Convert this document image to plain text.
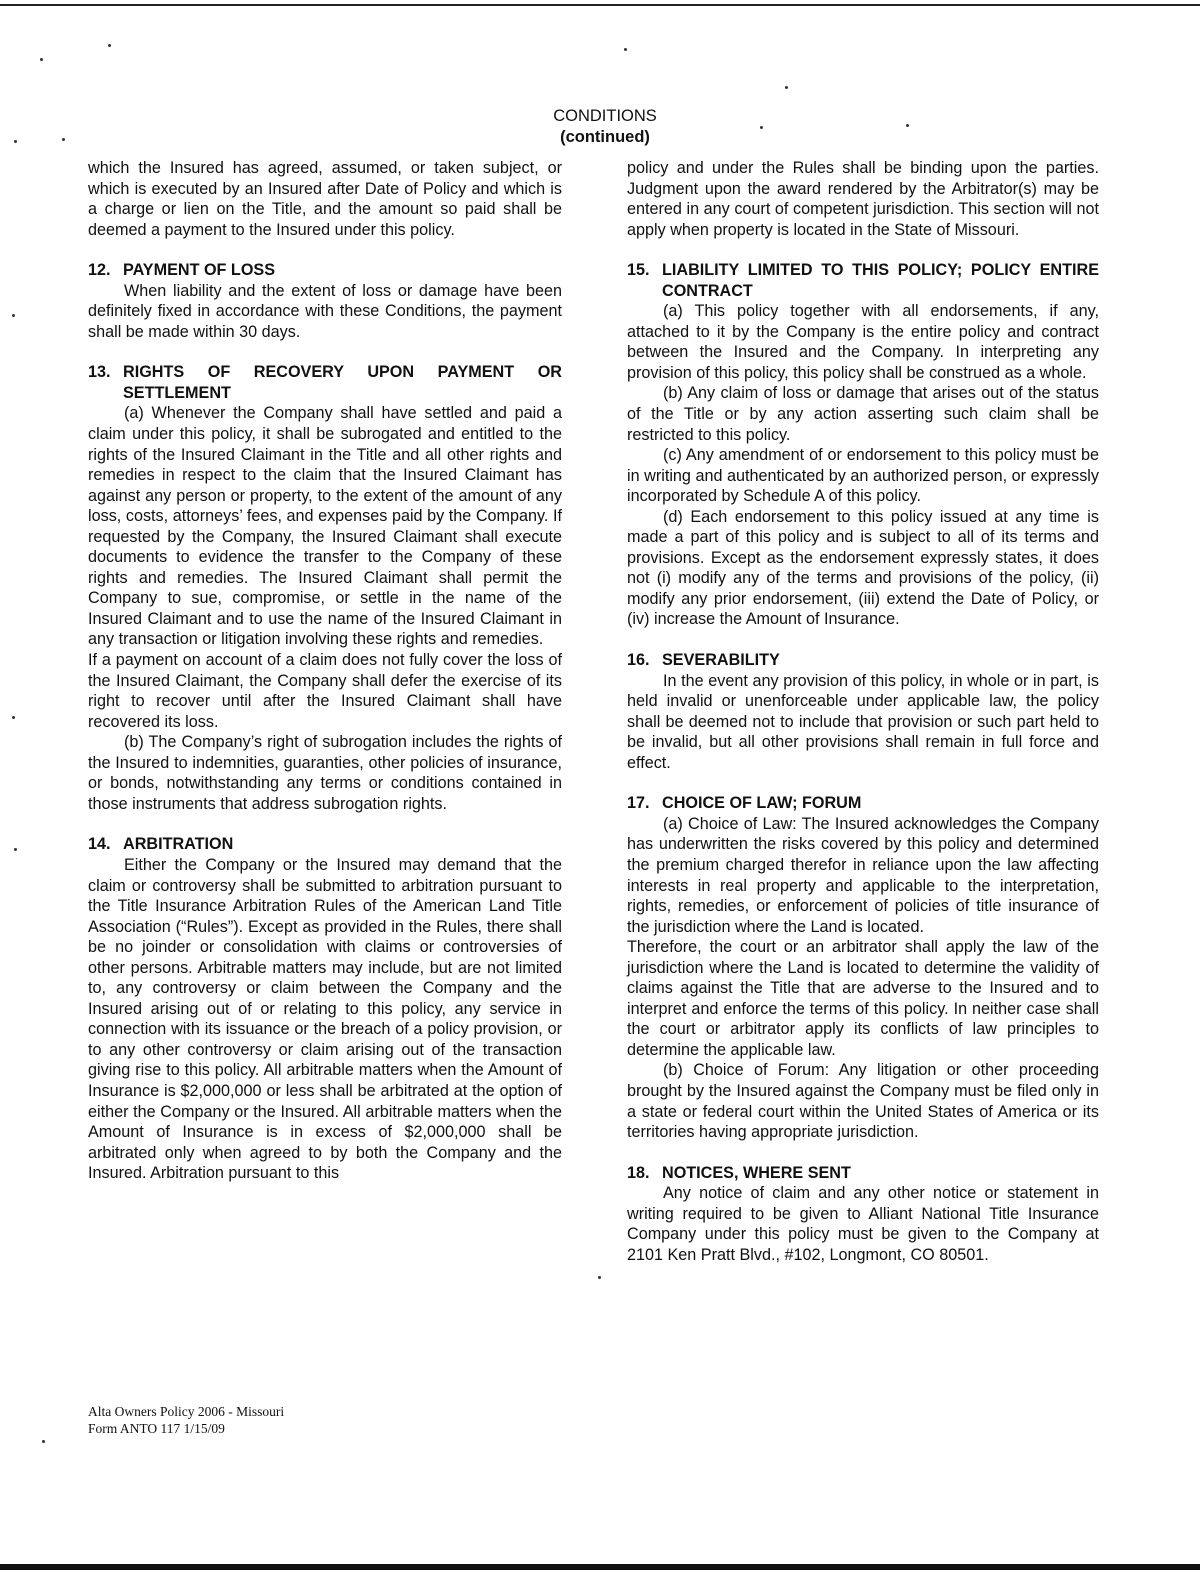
CONDITIONS
(continued)

which the Insured has agreed, assumed, or taken subject, or which is executed by an Insured after Date of Policy and which is a charge or lien on the Title, and the amount so paid shall be deemed a payment to the Insured under this policy.

12. PAYMENT OF LOSS

When liability and the extent of loss or damage have been definitely fixed in accordance with these Conditions, the payment shall be made within 30 days.

13. RIGHTS OF RECOVERY UPON PAYMENT OR SETTLEMENT

(a) Whenever the Company shall have settled and paid a claim under this policy, it shall be subrogated and entitled to the rights of the Insured Claimant in the Title and all other rights and remedies in respect to the claim that the Insured Claimant has against any person or property, to the extent of the amount of any loss, costs, attorneys’ fees, and expenses paid by the Company. If requested by the Company, the Insured Claimant shall execute documents to evidence the transfer to the Company of these rights and remedies. The Insured Claimant shall permit the Company to sue, compromise, or settle in the name of the Insured Claimant and to use the name of the Insured Claimant in any transaction or litigation involving these rights and remedies.

If a payment on account of a claim does not fully cover the loss of the Insured Claimant, the Company shall defer the exercise of its right to recover until after the Insured Claimant shall have recovered its loss.

(b) The Company’s right of subrogation includes the rights of the Insured to indemnities, guaranties, other policies of insurance, or bonds, notwithstanding any terms or conditions contained in those instruments that address subrogation rights.

14. ARBITRATION

Either the Company or the Insured may demand that the claim or controversy shall be submitted to arbitration pursuant to the Title Insurance Arbitration Rules of the American Land Title Association (“Rules”). Except as provided in the Rules, there shall be no joinder or consolidation with claims or controversies of other persons. Arbitrable matters may include, but are not limited to, any controversy or claim between the Company and the Insured arising out of or relating to this policy, any service in connection with its issuance or the breach of a policy provision, or to any other controversy or claim arising out of the transaction giving rise to this policy. All arbitrable matters when the Amount of Insurance is $2,000,000 or less shall be arbitrated at the option of either the Company or the Insured. All arbitrable matters when the Amount of Insurance is in excess of $2,000,000 shall be arbitrated only when agreed to by both the Company and the Insured. Arbitration pursuant to this

policy and under the Rules shall be binding upon the parties. Judgment upon the award rendered by the Arbitrator(s) may be entered in any court of competent jurisdiction. This section will not apply when property is located in the State of Missouri.

15. LIABILITY LIMITED TO THIS POLICY; POLICY ENTIRE CONTRACT

(a) This policy together with all endorsements, if any, attached to it by the Company is the entire policy and contract between the Insured and the Company. In interpreting any provision of this policy, this policy shall be construed as a whole.

(b) Any claim of loss or damage that arises out of the status of the Title or by any action asserting such claim shall be restricted to this policy.

(c) Any amendment of or endorsement to this policy must be in writing and authenticated by an authorized person, or expressly incorporated by Schedule A of this policy.

(d) Each endorsement to this policy issued at any time is made a part of this policy and is subject to all of its terms and provisions. Except as the endorsement expressly states, it does not (i) modify any of the terms and provisions of the policy, (ii) modify any prior endorsement, (iii) extend the Date of Policy, or (iv) increase the Amount of Insurance.

16. SEVERABILITY

In the event any provision of this policy, in whole or in part, is held invalid or unenforceable under applicable law, the policy shall be deemed not to include that provision or such part held to be invalid, but all other provisions shall remain in full force and effect.

17. CHOICE OF LAW; FORUM

(a) Choice of Law: The Insured acknowledges the Company has underwritten the risks covered by this policy and determined the premium charged therefor in reliance upon the law affecting interests in real property and applicable to the interpretation, rights, remedies, or enforcement of policies of title insurance of the jurisdiction where the Land is located.

Therefore, the court or an arbitrator shall apply the law of the jurisdiction where the Land is located to determine the validity of claims against the Title that are adverse to the Insured and to interpret and enforce the terms of this policy. In neither case shall the court or arbitrator apply its conflicts of law principles to determine the applicable law.

(b) Choice of Forum: Any litigation or other proceeding brought by the Insured against the Company must be filed only in a state or federal court within the United States of America or its territories having appropriate jurisdiction.

18. NOTICES, WHERE SENT

Any notice of claim and any other notice or statement in writing required to be given to Alliant National Title Insurance Company under this policy must be given to the Company at 2101 Ken Pratt Blvd., #102, Longmont, CO 80501.

Alta Owners Policy 2006 - Missouri
Form ANTO 117 1/15/09
